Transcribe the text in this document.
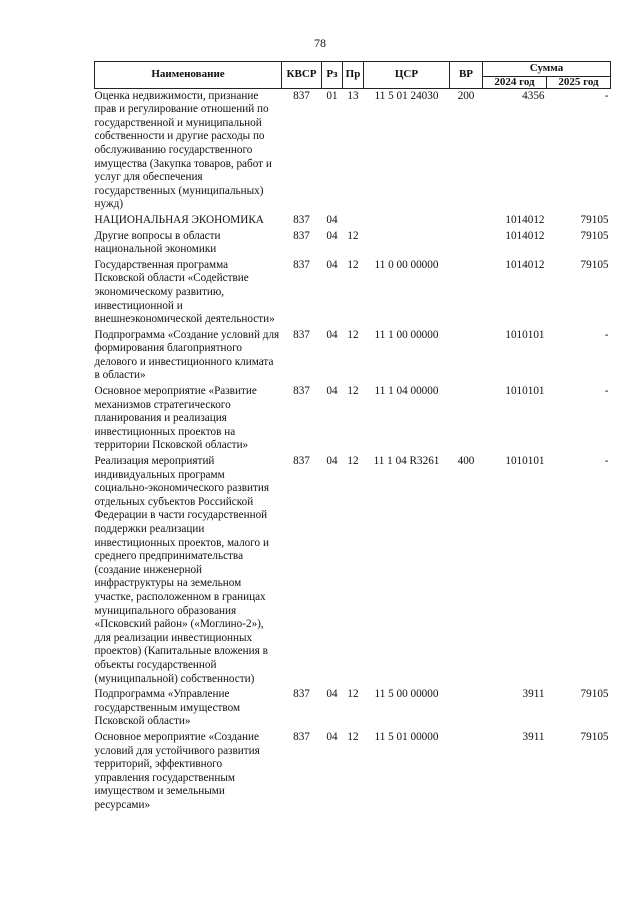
78
Наименование	КВСР	Рз	Пр	ЦСР	ВР	Сумма	
						2024 год	2025 год
Оценка недвижимости, признание прав и регулирование отношений по государственной и муниципальной собственности и другие расходы по обслуживанию государственного имущества (Закупка товаров, работ и услуг для обеспечения государственных (муниципальных) нужд)	837	01	13	11 5 01 24030	200	4356	-
НАЦИОНАЛЬНАЯ ЭКОНОМИКА	837	04				1014012	79105
Другие вопросы в области национальной экономики	837	04	12			1014012	79105
Государственная программа Псковской области «Содействие экономическому развитию, инвестиционной и внешнеэкономической деятельности»	837	04	12	11 0 00 00000		1014012	79105
Подпрограмма «Создание условий для формирования благоприятного делового и инвестиционного климата в области»	837	04	12	11 1 00 00000		1010101	-
Основное мероприятие «Развитие механизмов стратегического планирования и реализация инвестиционных проектов на территории Псковской области»	837	04	12	11 1 04 00000		1010101	-
Реализация мероприятий индивидуальных программ социально-экономического развития отдельных субъектов Российской Федерации в части государственной поддержки реализации инвестиционных проектов, малого и среднего предпринимательства (создание инженерной инфраструктуры на земельном участке, расположенном в границах муниципального образования «Псковский район» («Моглино-2»), для реализации инвестиционных проектов) (Капитальные вложения в объекты государственной (муниципальной) собственности)	837	04	12	11 1 04 R3261	400	1010101	-
Подпрограмма «Управление государственным имуществом Псковской области»	837	04	12	11 5 00 00000		3911	79105
Основное мероприятие «Создание условий для устойчивого развития территорий, эффективного управления государственным имуществом и земельными ресурсами»	837	04	12	11 5 01 00000		3911	79105
